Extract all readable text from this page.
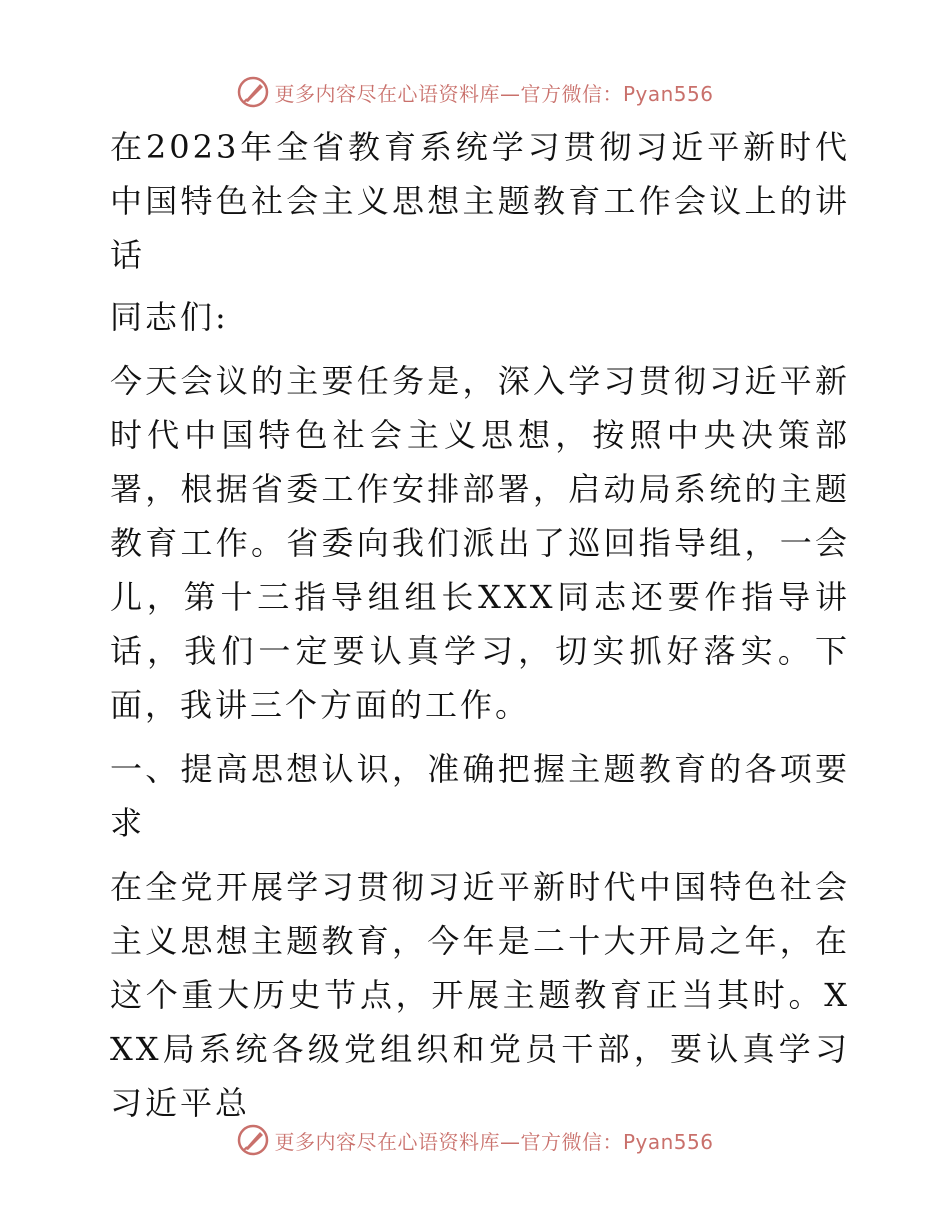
更多内容尽在心语资料库—官方微信：Pyan556

在2023年全省教育系统学习贯彻习近平新时代中国特色社会主义思想主题教育工作会议上的讲话

同志们:

今天会议的主要任务是，深入学习贯彻习近平新时代中国特色社会主义思想，按照中央决策部署，根据省委工作安排部署，启动局系统的主题教育工作。省委向我们派出了巡回指导组，一会儿，第十三指导组组长XXX同志还要作指导讲话，我们一定要认真学习，切实抓好落实。下面，我讲三个方面的工作。

一、提高思想认识，准确把握主题教育的各项要求

在全党开展学习贯彻习近平新时代中国特色社会主义思想主题教育，今年是二十大开局之年，在这个重大历史节点，开展主题教育正当其时。XXX局系统各级党组织和党员干部，要认真学习习近平总

更多内容尽在心语资料库—官方微信：Pyan556
